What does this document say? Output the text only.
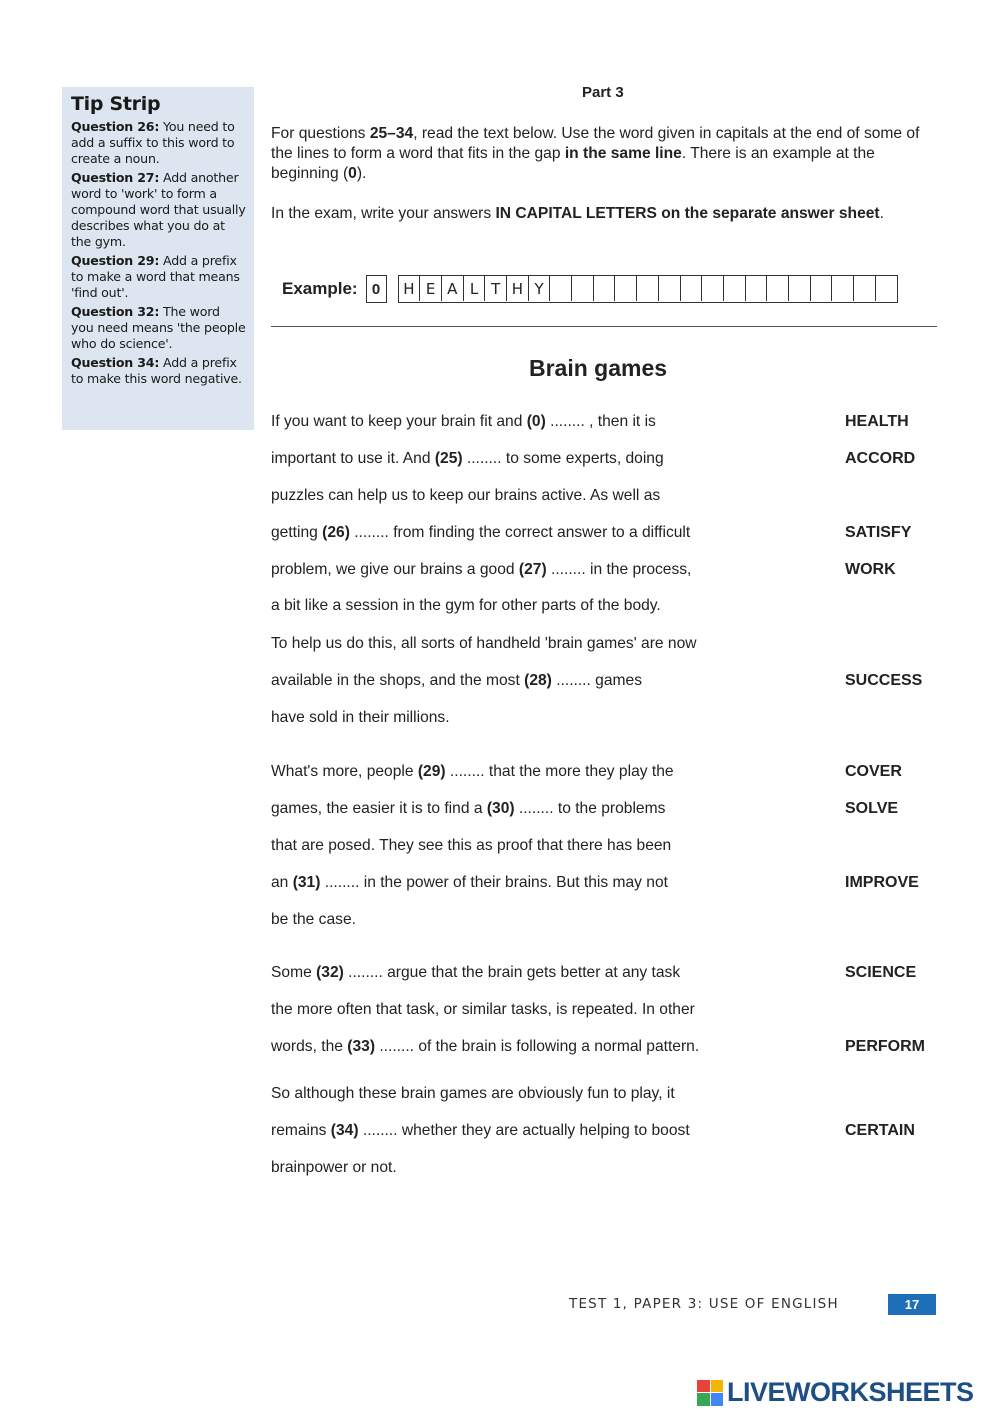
Tip Strip
Question 26: You need to add a suffix to this word to create a noun.
Question 27: Add another word to 'work' to form a compound word that usually describes what you do at the gym.
Question 29: Add a prefix to make a word that means 'find out'.
Question 32: The word you need means 'the people who do science'.
Question 34: Add a prefix to make this word negative.
Part 3
For questions 25–34, read the text below. Use the word given in capitals at the end of some of the lines to form a word that fits in the gap in the same line. There is an example at the beginning (0).
In the exam, write your answers IN CAPITAL LETTERS on the separate answer sheet.
Example: 0	H E A L T H Y
Brain games
If you want to keep your brain fit and (0) ........ , then it is	HEALTH
important to use it. And (25) ........ to some experts, doing	ACCORD
puzzles can help us to keep our brains active. As well as
getting (26) ........ from finding the correct answer to a difficult	SATISFY
problem, we give our brains a good (27) ........ in the process,	WORK
a bit like a session in the gym for other parts of the body.
To help us do this, all sorts of handheld 'brain games' are now
available in the shops, and the most (28) ........ games	SUCCESS
have sold in their millions.
What's more, people (29) ........ that the more they play the	COVER
games, the easier it is to find a (30) ........ to the problems	SOLVE
that are posed. They see this as proof that there has been
an (31) ........ in the power of their brains. But this may not	IMPROVE
be the case.
Some (32) ........ argue that the brain gets better at any task	SCIENCE
the more often that task, or similar tasks, is repeated. In other
words, the (33) ........ of the brain is following a normal pattern.	PERFORM
So although these brain games are obviously fun to play, it
remains (34) ........ whether they are actually helping to boost	CERTAIN
brainpower or not.
TEST 1, PAPER 3: USE OF ENGLISH	17
LIVEWORKSHEETS
